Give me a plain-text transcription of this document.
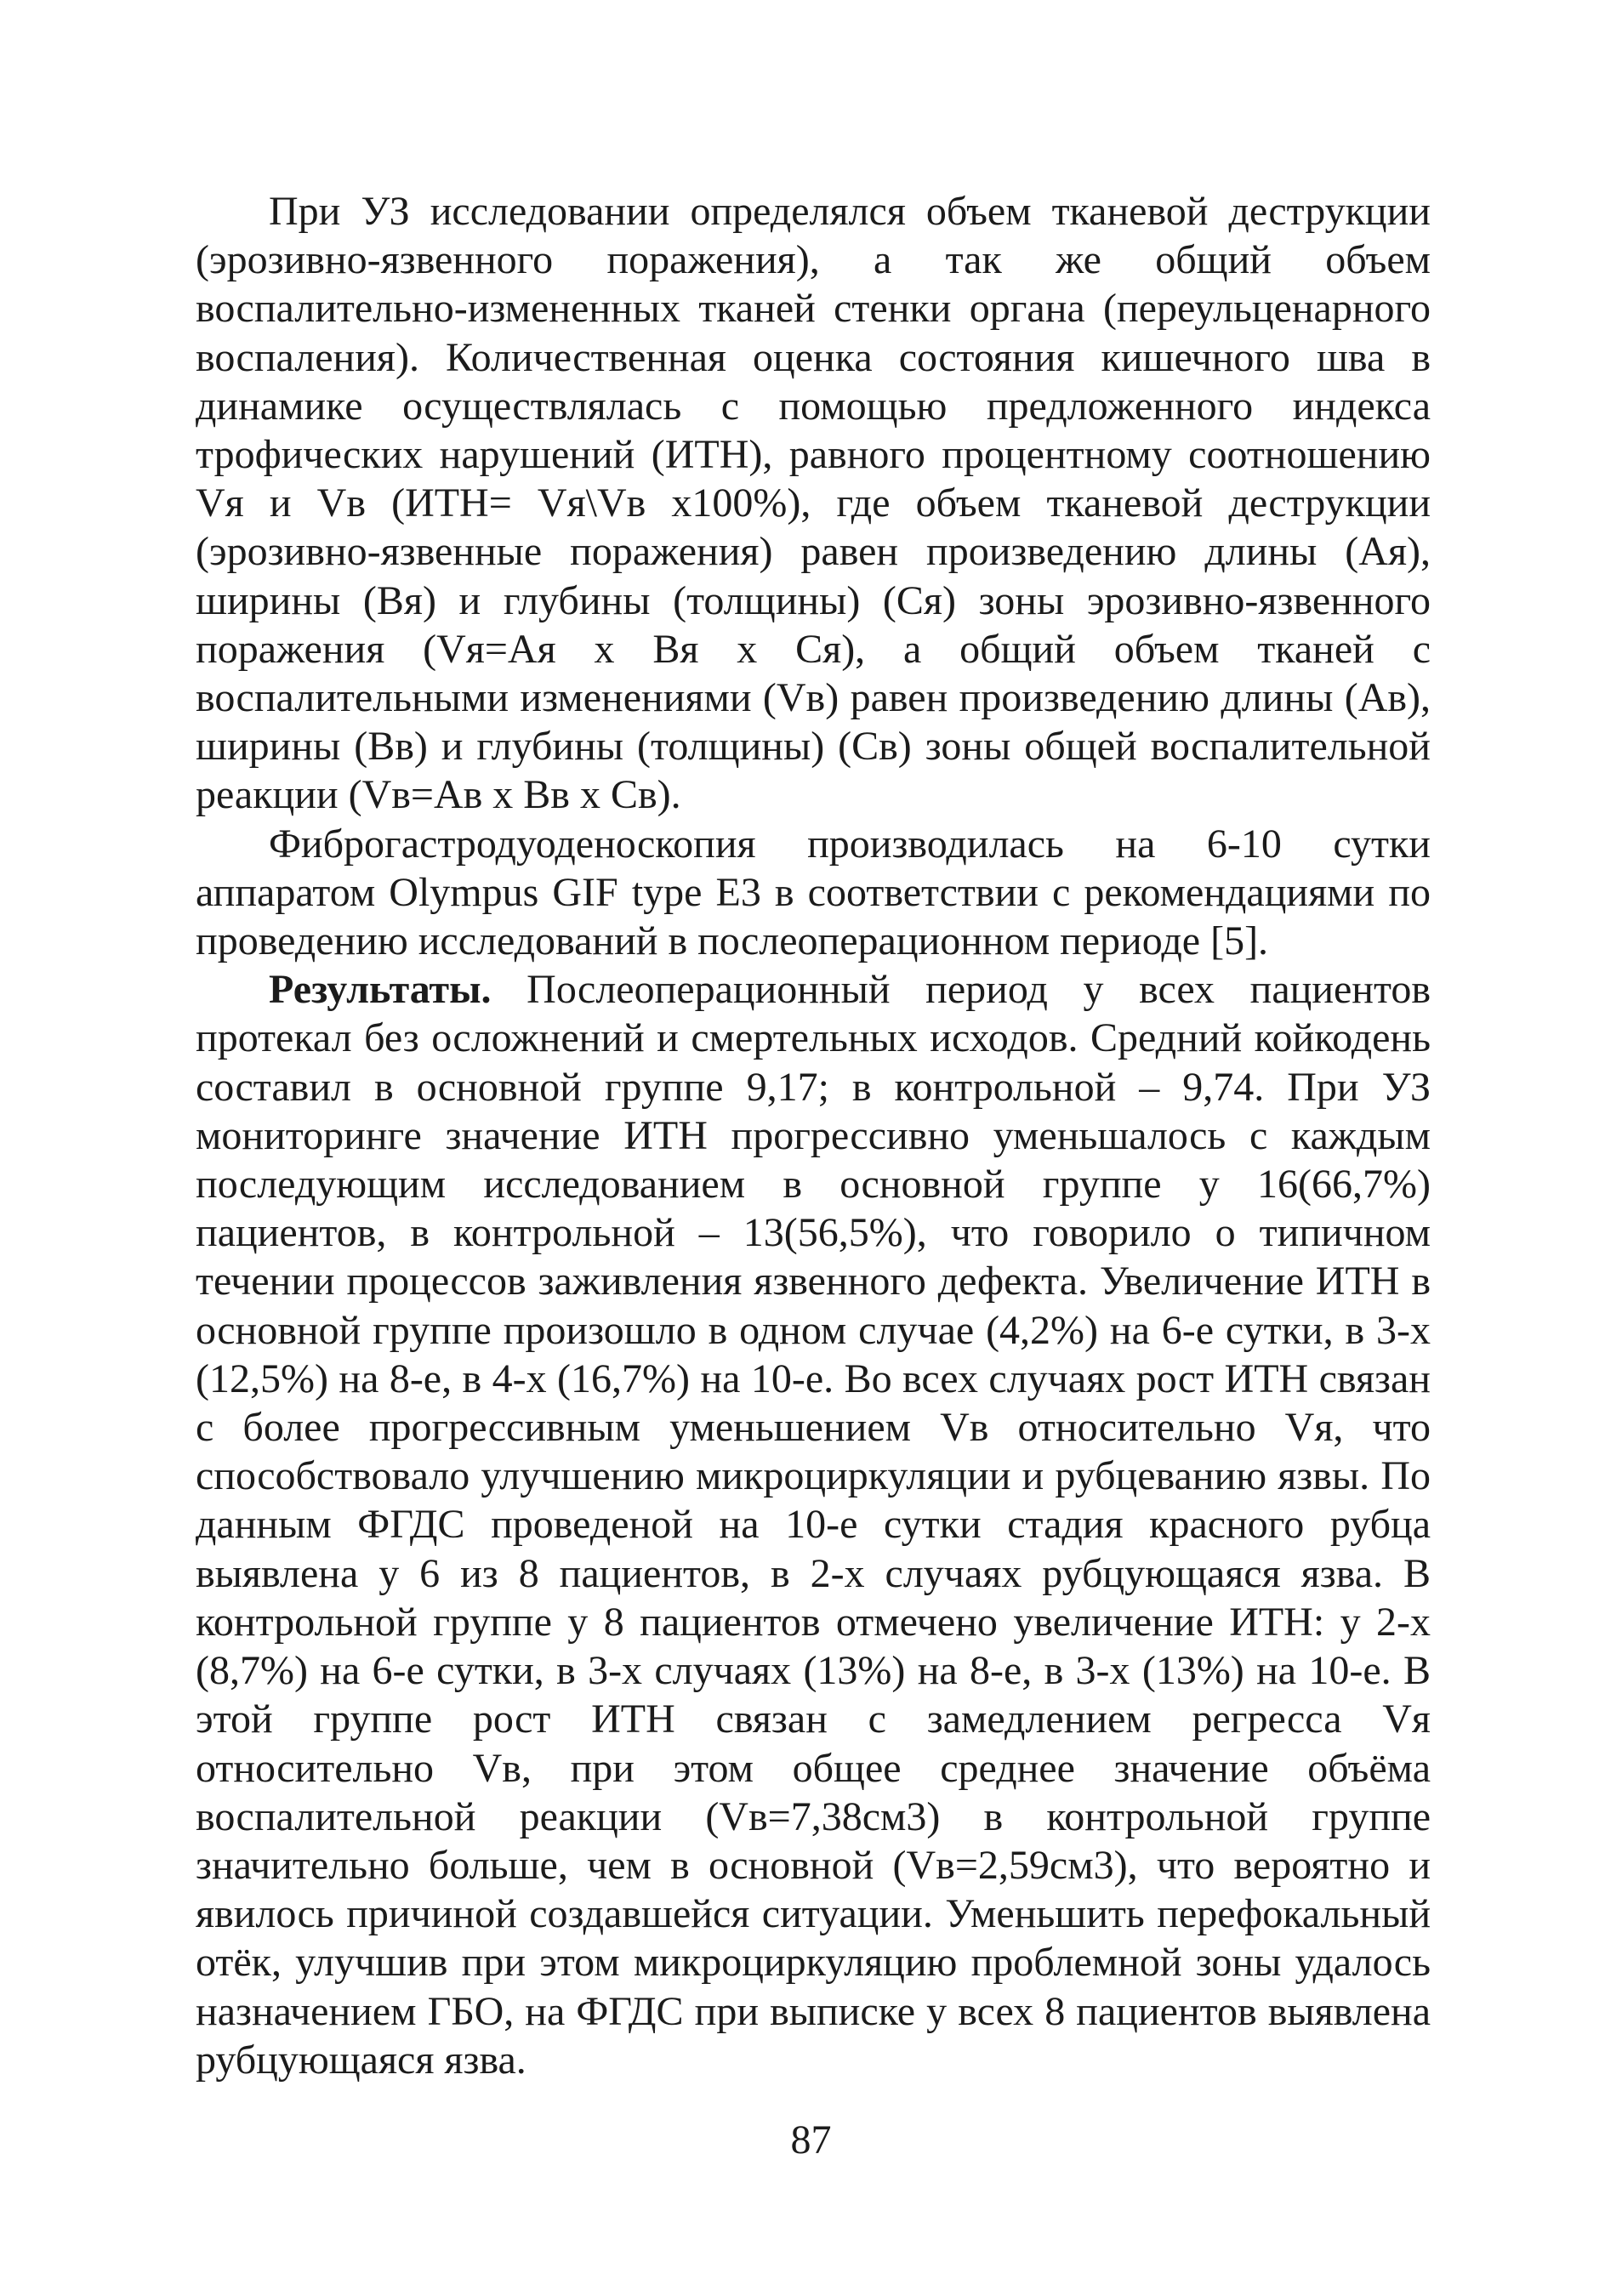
При УЗ исследовании определялся объем тканевой деструкции (эрозивно-язвенного поражения), а так же общий объем воспалительно-измененных тканей стенки органа (переульценарного воспаления). Количественная оценка состояния кишечного шва в динамике осуществлялась с помощью предложенного индекса трофических нарушений (ИТН), равного процентному соотношению Vя и Vв (ИТН= Vя\Vв х100%), где объем тканевой деструкции (эрозивно-язвенные поражения) равен произведению длины (Ая), ширины (Вя) и глубины (толщины) (Ся) зоны эрозивно-язвенного поражения (Vя=Ая х Вя х Ся), а общий объем тканей с воспалительными изменениями (Vв) равен произведению длины (Ав), ширины (Вв) и глубины (толщины) (Св) зоны общей воспалительной реакции (Vв=Ав х Вв х Св).

Фиброгастродуоденоскопия производилась на 6-10 сутки аппаратом Olympus GIF type E3 в соответствии с рекомендациями по проведению исследований в послеоперационном периоде [5].

Результаты. Послеоперационный период у всех пациентов протекал без осложнений и смертельных исходов. Средний койкодень составил в основной группе 9,17; в контрольной – 9,74. При УЗ мониторинге значение ИТН прогрессивно уменьшалось с каждым последующим исследованием в основной группе у 16(66,7%) пациентов, в контрольной – 13(56,5%), что говорило о типичном течении процессов заживления язвенного дефекта. Увеличение ИТН в основной группе произошло в одном случае (4,2%) на 6-е сутки, в 3-х (12,5%) на 8-е, в 4-х (16,7%) на 10-е. Во всех случаях рост ИТН связан с более прогрессивным уменьшением Vв относительно Vя, что способствовало улучшению микроциркуляции и рубцеванию язвы. По данным ФГДС проведеной на 10-е сутки стадия красного рубца выявлена у 6 из 8 пациентов, в 2-х случаях рубцующаяся язва. В контрольной группе у 8 пациентов отмечено увеличение ИТН: у 2-х (8,7%) на 6-е сутки, в 3-х случаях (13%) на 8-е, в 3-х (13%) на 10-е. В этой группе рост ИТН связан с замедлением регресса Vя относительно Vв, при этом общее среднее значение объёма воспалительной реакции (Vв=7,38см3) в контрольной группе значительно больше, чем в основной (Vв=2,59см3), что вероятно и явилось причиной создавшейся ситуации. Уменьшить перефокальный отёк, улучшив при этом микроциркуляцию проблемной зоны удалось назначением ГБО, на ФГДС при выписке у всех 8 пациентов выявлена рубцующаяся язва.

87
